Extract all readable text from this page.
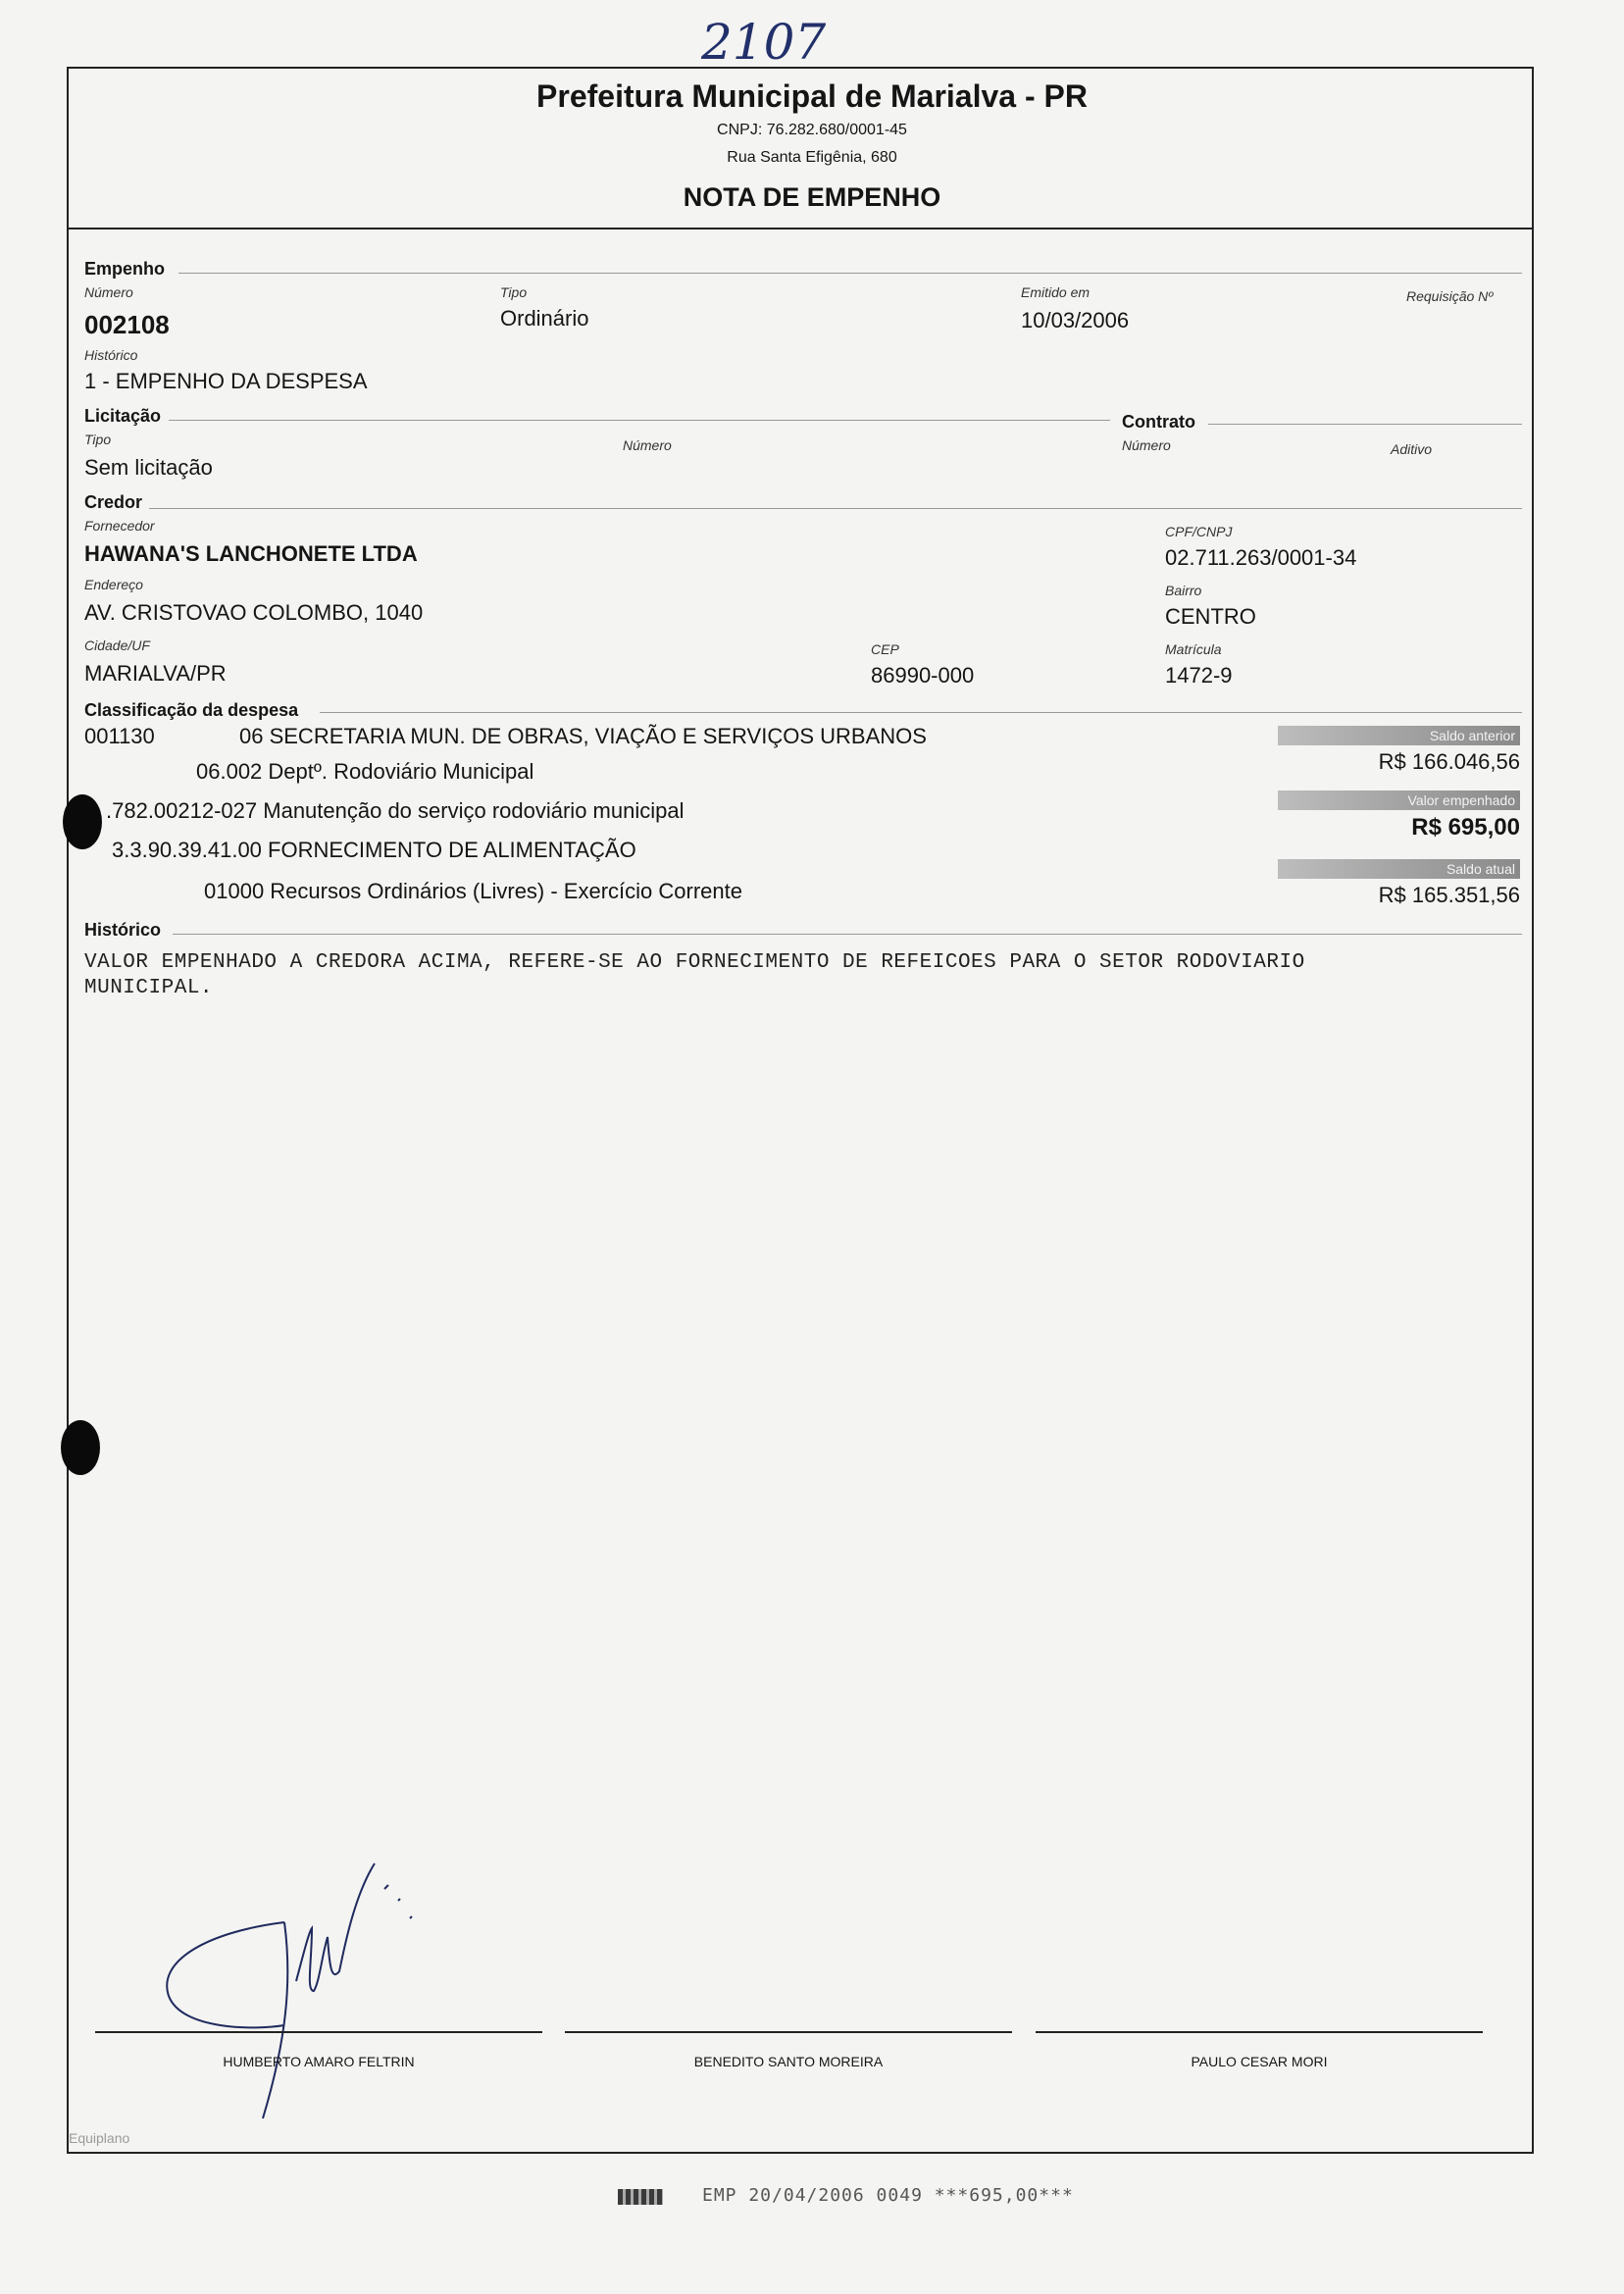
2107
Prefeitura Municipal de Marialva - PR
CNPJ: 76.282.680/0001-45
Rua Santa Efigênia, 680
NOTA DE EMPENHO
Empenho
Número
002108
Tipo
Ordinário
Emitido em
10/03/2006
Requisição Nº
Histórico
1 - EMPENHO DA DESPESA
Licitação	Contrato
Tipo
Sem licitação
Número	Número	Aditivo
Credor
Fornecedor
HAWANA'S LANCHONETE LTDA
CPF/CNPJ
02.711.263/0001-34
Endereço
AV. CRISTOVAO COLOMBO, 1040
Bairro
CENTRO
Cidade/UF
MARIALVA/PR
CEP
86990-000
Matrícula
1472-9
Classificação da despesa
001130	06 SECRETARIA MUN. DE OBRAS, VIAÇÃO E SERVIÇOS URBANOS
06.002 Deptº. Rodoviário Municipal
.782.00212-027 Manutenção do serviço rodoviário municipal
3.3.90.39.41.00 FORNECIMENTO DE ALIMENTAÇÃO
01000 Recursos Ordinários (Livres) - Exercício Corrente
Saldo anterior
R$ 166.046,56
Valor empenhado
R$ 695,00
Saldo atual
R$ 165.351,56
Histórico
VALOR EMPENHADO A CREDORA ACIMA, REFERE-SE AO FORNECIMENTO DE REFEICOES PARA O SETOR RODOVIARIO
MUNICIPAL.
HUMBERTO AMARO FELTRIN	BENEDITO SANTO MOREIRA	PAULO CESAR MORI
Equiplano
EMP 20/04/2006 0049 ***695,00***
